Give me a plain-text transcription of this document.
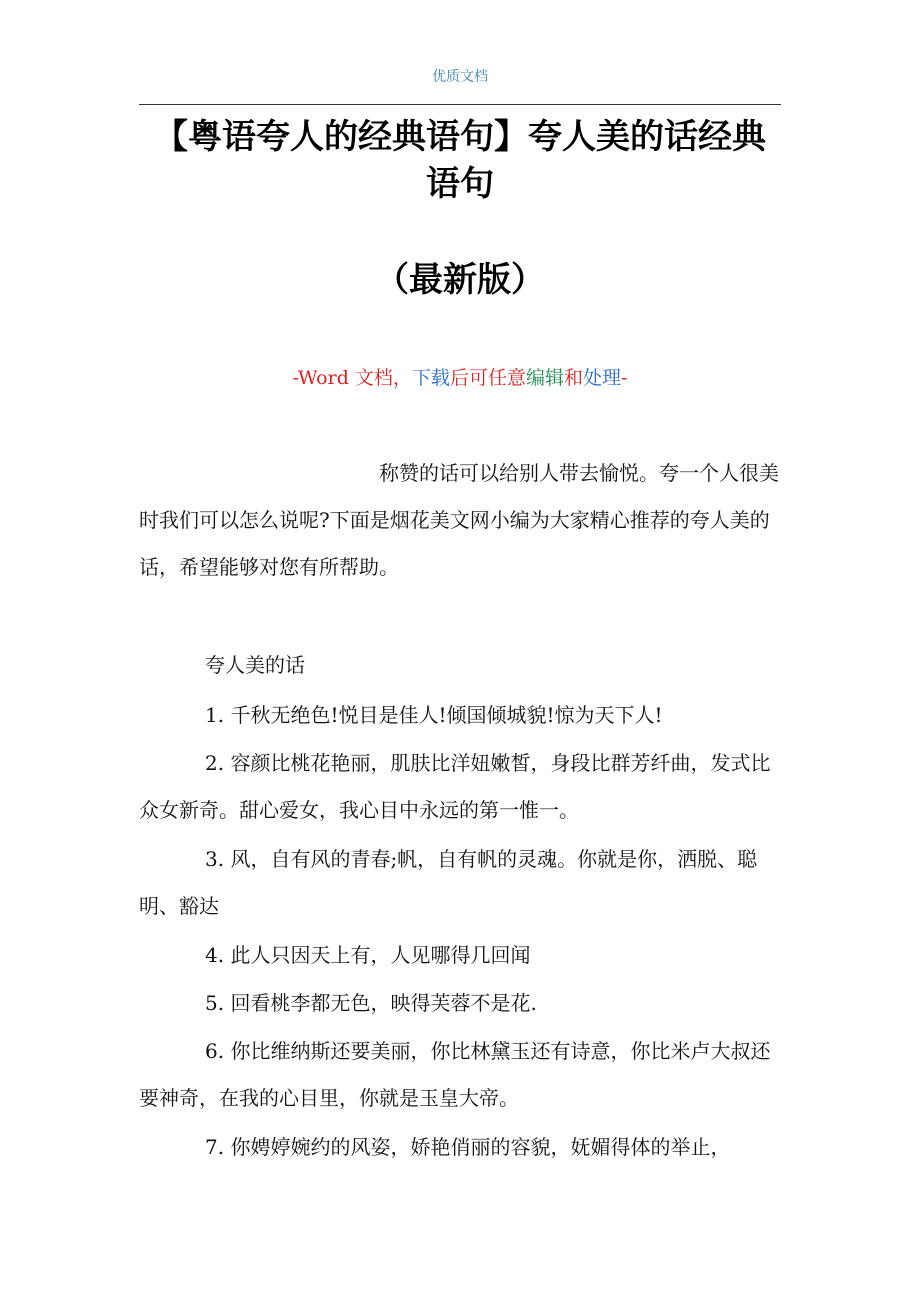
优质文档
【粤语夸人的经典语句】夸人美的话经典语句
（最新版）
-Word 文档，下载后可任意编辑和处理-

称赞的话可以给别人带去愉悦。夸一个人很美时我们可以怎么说呢?下面是烟花美文网小编为大家精心推荐的夸人美的话，希望能够对您有所帮助。

夸人美的话

1. 千秋无绝色!悦目是佳人!倾国倾城貌!惊为天下人!

2. 容颜比桃花艳丽，肌肤比洋妞嫩皙，身段比群芳纤曲，发式比众女新奇。甜心爱女，我心目中永远的第一惟一。

3. 风，自有风的青春;帆，自有帆的灵魂。你就是你，洒脱、聪明、豁达

4. 此人只因天上有，人见哪得几回闻

5. 回看桃李都无色，映得芙蓉不是花.

6. 你比维纳斯还要美丽，你比林黛玉还有诗意，你比米卢大叔还要神奇，在我的心目里，你就是玉皇大帝。

7. 你娉婷婉约的风姿，娇艳俏丽的容貌，妩媚得体的举止，
